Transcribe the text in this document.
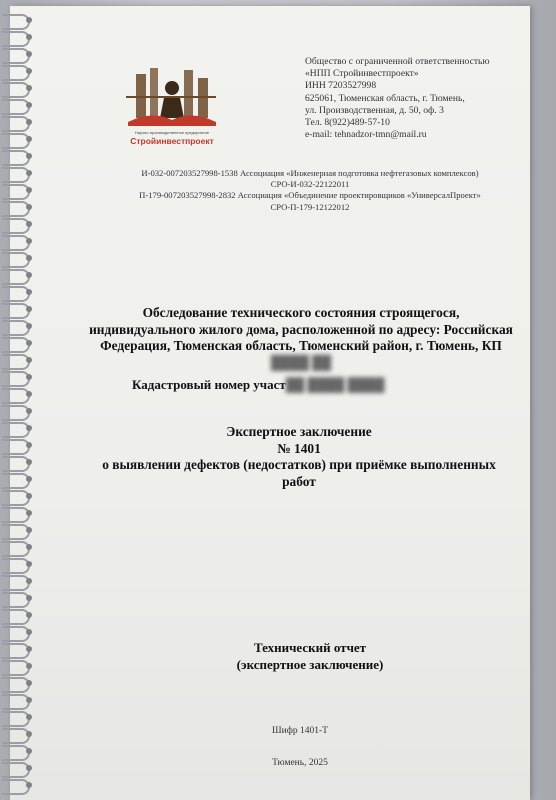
Научно-производственное предприятие
Стройинвестпроект
Общество с ограниченной ответственностью
«НПП Стройинвестпроект»
ИНН 7203527998
625061, Тюменская область, г. Тюмень,
ул. Производственная, д. 50, оф. 3
Тел. 8(922)489-57-10
e-mail: tehnadzor-tmn@mail.ru
И-032-007203527998-1538 Ассоциация «Инженерная подготовка нефтегазовых комплексов)
СРО-И-032-22122011
П-179-007203527998-2832 Ассоциация «Объединение проектировщиков «УниверсалПроект»
СРО-П-179-12122012
Обследование технического состояния строящегося,
индивидуального жилого дома, расположенной по адресу: Российская
Федерация, Тюменская область, Тюменский район, г. Тюмень, КП
████ ██
Кадастровый номер участ██ ████ ████
Экспертное заключение
№ 1401
о выявлении дефектов (недостатков) при приёмке выполненных
работ
Технический отчет
(экспертное заключение)
Шифр 1401-Т
Тюмень, 2025
